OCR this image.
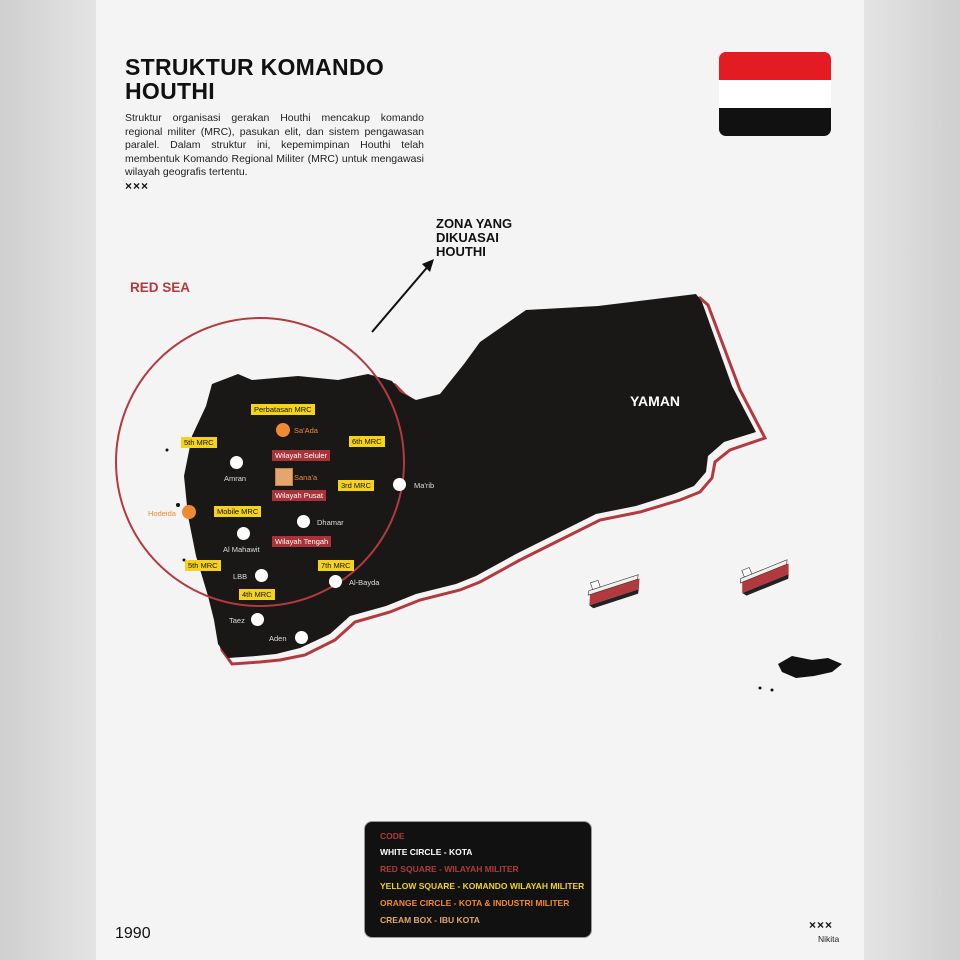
STRUKTUR KOMANDO
HOUTHI
Struktur organisasi gerakan Houthi mencakup komando regional militer (MRC), pasukan elit, dan sistem pengawasan paralel. Dalam struktur ini, kepemimpinan Houthi telah membentuk Komando Regional Militer (MRC) untuk mengawasi wilayah geografis tertentu.
×××
RED SEA
ZONA YANG
DIKUASAI
HOUTHI
YAMAN
Perbatasan MRC
5th MRC	6th MRC
3rd MRC
Mobile MRC
5th MRC	7th MRC
4th MRC
Wilayah Seluler
Wilayah Pusat
Wilayah Tengah
Sa'Ada
Amran	Sana'a
Ma'rib
Hodeida
Dhamar
Al Mahawit
LBB
Al-Bayda
Taez
Aden
CODE
WHITE CIRCLE - KOTA
RED SQUARE - WILAYAH MILITER
YELLOW SQUARE - KOMANDO WILAYAH MILITER
ORANGE CIRCLE - KOTA & INDUSTRI MILITER
CREAM BOX - IBU KOTA
1990	×××
Nikita
